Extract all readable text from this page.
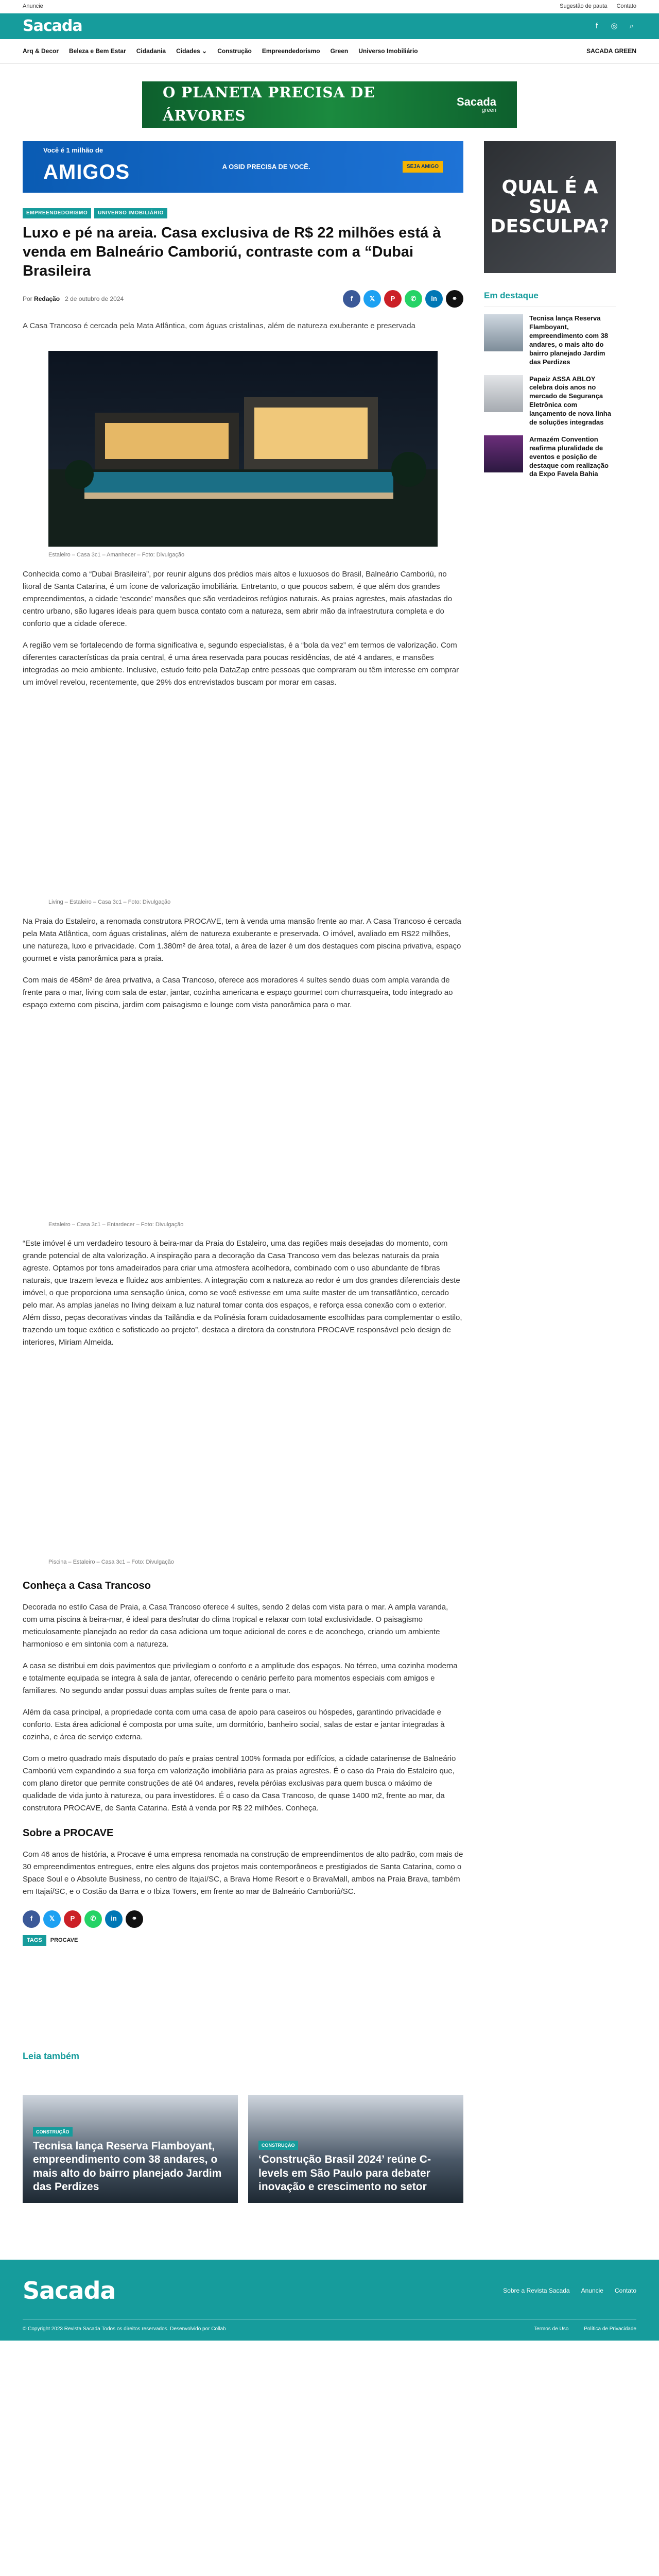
Anuncie	Sugestão de pauta Contato
Sacada	f	◎	⌕
Arq & Decor Beleza e Bem Estar Cidadania Cidades ⌄ Construção Empreendedorismo Green Universo Imobiliário	SACADA GREEN
O PLANETA PRECISA DE ÁRVORES
Sacada
green
Você é 1 milhão de
AMIGOS	A OSID PRECISA DE VOCÊ.	SEJA AMIGO
EMPREENDEDORISMO	UNIVERSO IMOBILIÁRIO
Luxo e pé na areia. Casa exclusiva de R$ 22 milhões está à venda em Balneário Camboriú, contraste com a “Dubai Brasileira
Por Redação 2 de outubro de 2024	f	𝕏	P	✆	in	⚭

A Casa Trancoso é cercada pela Mata Atlântica, com águas cristalinas, além de natureza exuberante e preservada

Estaleiro – Casa 3c1 – Amanhecer – Foto: Divulgação

Conhecida como a “Dubai Brasileira”, por reunir alguns dos prédios mais altos e luxuosos do Brasil, Balneário Camboriú, no litoral de Santa Catarina, é um ícone de valorização imobiliária. Entretanto, o que poucos sabem, é que além dos grandes empreendimentos, a cidade ‘esconde’ mansões que são verdadeiros refúgios naturais. As praias agrestes, mais afastadas do centro urbano, são lugares ideais para quem busca contato com a natureza, sem abrir mão da infraestrutura completa e do conforto que a cidade oferece.

A região vem se fortalecendo de forma significativa e, segundo especialistas, é a “bola da vez” em termos de valorização. Com diferentes características da praia central, é uma área reservada para poucas residências, de até 4 andares, e mansões integradas ao meio ambiente. Inclusive, estudo feito pela DataZap entre pessoas que compraram ou têm interesse em comprar um imóvel revelou, recentemente, que 29% dos entrevistados buscam por morar em casas.

Living – Estaleiro – Casa 3c1 – Foto: Divulgação

Na Praia do Estaleiro, a renomada construtora PROCAVE, tem à venda uma mansão frente ao mar. A Casa Trancoso é cercada pela Mata Atlântica, com águas cristalinas, além de natureza exuberante e preservada. O imóvel, avaliado em R$22 milhões, une natureza, luxo e privacidade. Com 1.380m² de área total, a área de lazer é um dos destaques com piscina privativa, espaço gourmet e vista panorâmica para a praia.

Com mais de 458m² de área privativa, a Casa Trancoso, oferece aos moradores 4 suítes sendo duas com ampla varanda de frente para o mar, living com sala de estar, jantar, cozinha americana e espaço gourmet com churrasqueira, todo integrado ao espaço externo com piscina, jardim com paisagismo e lounge com vista panorâmica para o mar.

Estaleiro – Casa 3c1 – Entardecer – Foto: Divulgação

“Este imóvel é um verdadeiro tesouro à beira-mar da Praia do Estaleiro, uma das regiões mais desejadas do momento, com grande potencial de alta valorização. A inspiração para a decoração da Casa Trancoso vem das belezas naturais da praia agreste. Optamos por tons amadeirados para criar uma atmosfera acolhedora, combinado com o uso abundante de fibras naturais, que trazem leveza e fluidez aos ambientes. A integração com a natureza ao redor é um dos grandes diferenciais deste imóvel, o que proporciona uma sensação única, como se você estivesse em uma suíte master de um transatlântico, cercado pelo mar. As amplas janelas no living deixam a luz natural tomar conta dos espaços, e reforça essa conexão com o exterior. Além disso, peças decorativas vindas da Tailândia e da Polinésia foram cuidadosamente escolhidas para complementar o estilo, trazendo um toque exótico e sofisticado ao projeto”, destaca a diretora da construtora PROCAVE responsável pelo design de interiores, Miriam Almeida.

Piscina – Estaleiro – Casa 3c1 – Foto: Divulgação
Conheça a Casa Trancoso

Decorada no estilo Casa de Praia, a Casa Trancoso oferece 4 suítes, sendo 2 delas com vista para o mar. A ampla varanda, com uma piscina à beira-mar, é ideal para desfrutar do clima tropical e relaxar com total exclusividade. O paisagismo meticulosamente planejado ao redor da casa adiciona um toque adicional de cores e de aconchego, criando um ambiente harmonioso e em sintonia com a natureza.

A casa se distribui em dois pavimentos que privilegiam o conforto e a amplitude dos espaços. No térreo, uma cozinha moderna e totalmente equipada se integra à sala de jantar, oferecendo o cenário perfeito para momentos especiais com amigos e familiares. No segundo andar possui duas amplas suítes de frente para o mar.

Além da casa principal, a propriedade conta com uma casa de apoio para caseiros ou hóspedes, garantindo privacidade e conforto. Esta área adicional é composta por uma suíte, um dormitório, banheiro social, salas de estar e jantar integradas à cozinha, e área de serviço externa.

Com o metro quadrado mais disputado do país e praias central 100% formada por edifícios, a cidade catarinense de Balneário Camboriú vem expandindo a sua força em valorização imobiliária para as praias agrestes. É o caso da Praia do Estaleiro que, com plano diretor que permite construções de até 04 andares, revela péróias exclusivas para quem busca o máximo de qualidade de vida junto à natureza, ou para investidores. É o caso da Casa Trancoso, de quase 1400 m2, frente ao mar, da construtora PROCAVE, de Santa Catarina. Está à venda por R$ 22 milhões. Conheça.

Sobre a PROCAVE

Com 46 anos de história, a Procave é uma empresa renomada na construção de empreendimentos de alto padrão, com mais de 30 empreendimentos entregues, entre eles alguns dos projetos mais contemporâneos e prestigiados de Santa Catarina, como o Space Soul e o Absolute Business, no centro de Itajaí/SC, a Brava Home Resort e o BravaMall, ambos na Praia Brava, também em Itajaí/SC, e o Costão da Barra e o Ibiza Towers, em frente ao mar de Balneário Camboriú/SC.

f	𝕏	P	✆	in	⚭
TAGS	PROCAVE
Leia também
CONSTRUÇÃO
Tecnisa lança Reserva Flamboyant, empreendimento com 38 andares, o mais alto do bairro planejado Jardim das Perdizes
CONSTRUÇÃO
‘Construção Brasil 2024’ reúne C-levels em São Paulo para debater inovação e crescimento no setor
QUAL É A SUA DESCULPA?
Em destaque
Tecnisa lança Reserva Flamboyant, empreendimento com 38 andares, o mais alto do bairro planejado Jardim das Perdizes
Papaiz ASSA ABLOY celebra dois anos no mercado de Segurança Eletrônica com lançamento de nova linha de soluções integradas
Armazém Convention reafirma pluralidade de eventos e posição de destaque com realização da Expo Favela Bahia
Sacada	Sobre a Revista Sacada Anuncie Contato
© Copyright 2023 Revista Sacada Todos os direitos reservados. Desenvolvido por Collab	Termos de Uso	Política de Privacidade
